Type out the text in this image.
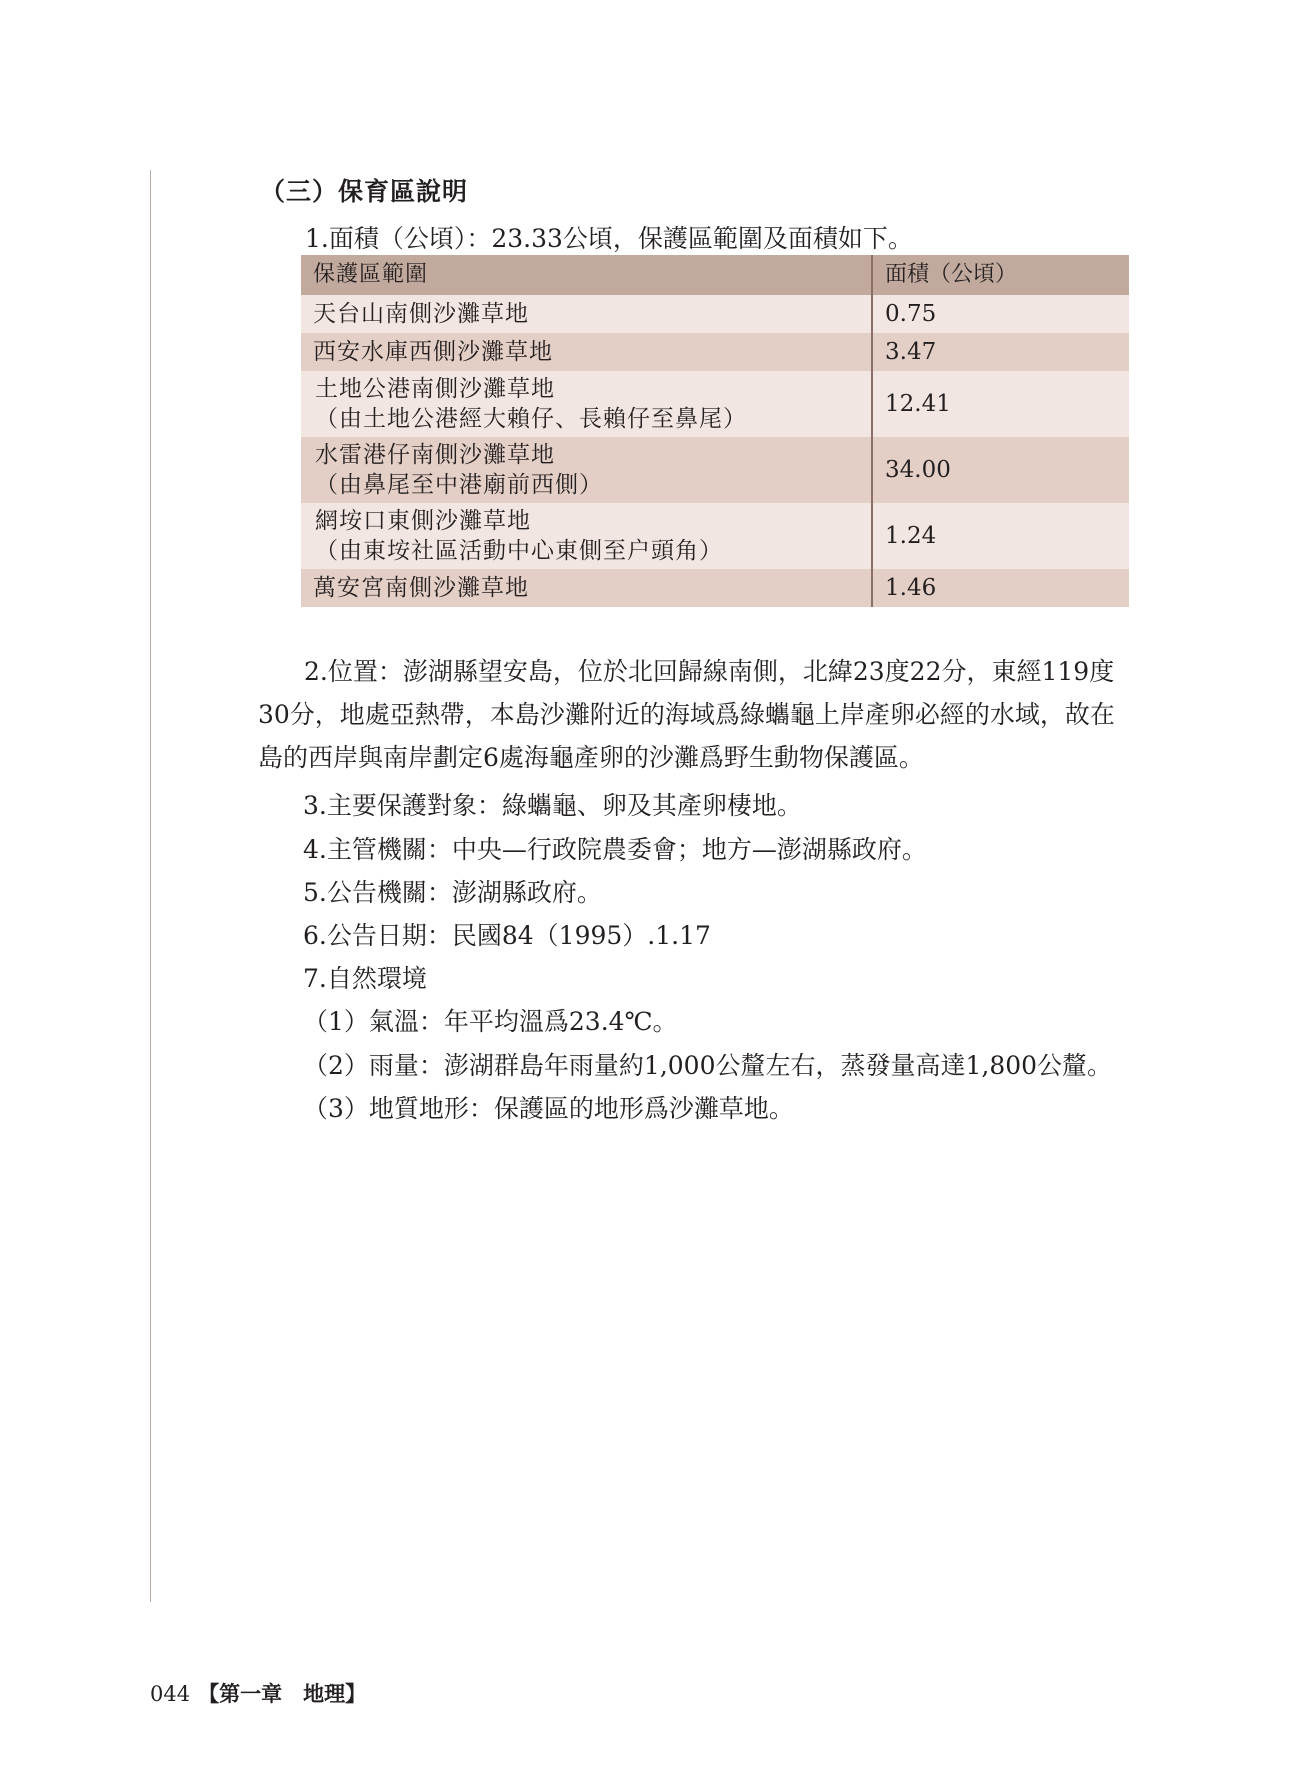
（三）保育區說明
1.面積（公頃）：23.33公頃，保護區範圍及面積如下。
保護區範圍	面積（公頃）
天台山南側沙灘草地	0.75
西安水庫西側沙灘草地	3.47

土地公港南側沙灘草地
（由土地公港經大賴仔、長賴仔至鼻尾）	12.41

水雷港仔南側沙灘草地
（由鼻尾至中港廟前西側）	34.00

網垵口東側沙灘草地
（由東垵社區活動中心東側至户頭角）	1.24
萬安宮南側沙灘草地	1.46
2.位置：澎湖縣望安島，位於北回歸線南側，北緯23度22分，東經119度
30分，地處亞熱帶，本島沙灘附近的海域爲綠蠵龜上岸產卵必經的水域，故在
島的西岸與南岸劃定6處海龜產卵的沙灘爲野生動物保護區。
3.主要保護對象：綠蠵龜、卵及其產卵棲地。
4.主管機關：中央—行政院農委會；地方—澎湖縣政府。
5.公告機關：澎湖縣政府。
6.公告日期：民國84（1995）.1.17
7.自然環境
（1）氣溫：年平均溫爲23.4℃。
（2）雨量：澎湖群島年雨量約1,000公釐左右，蒸發量高達1,800公釐。
（3）地質地形：保護區的地形爲沙灘草地。
044 【第一章　地理】
